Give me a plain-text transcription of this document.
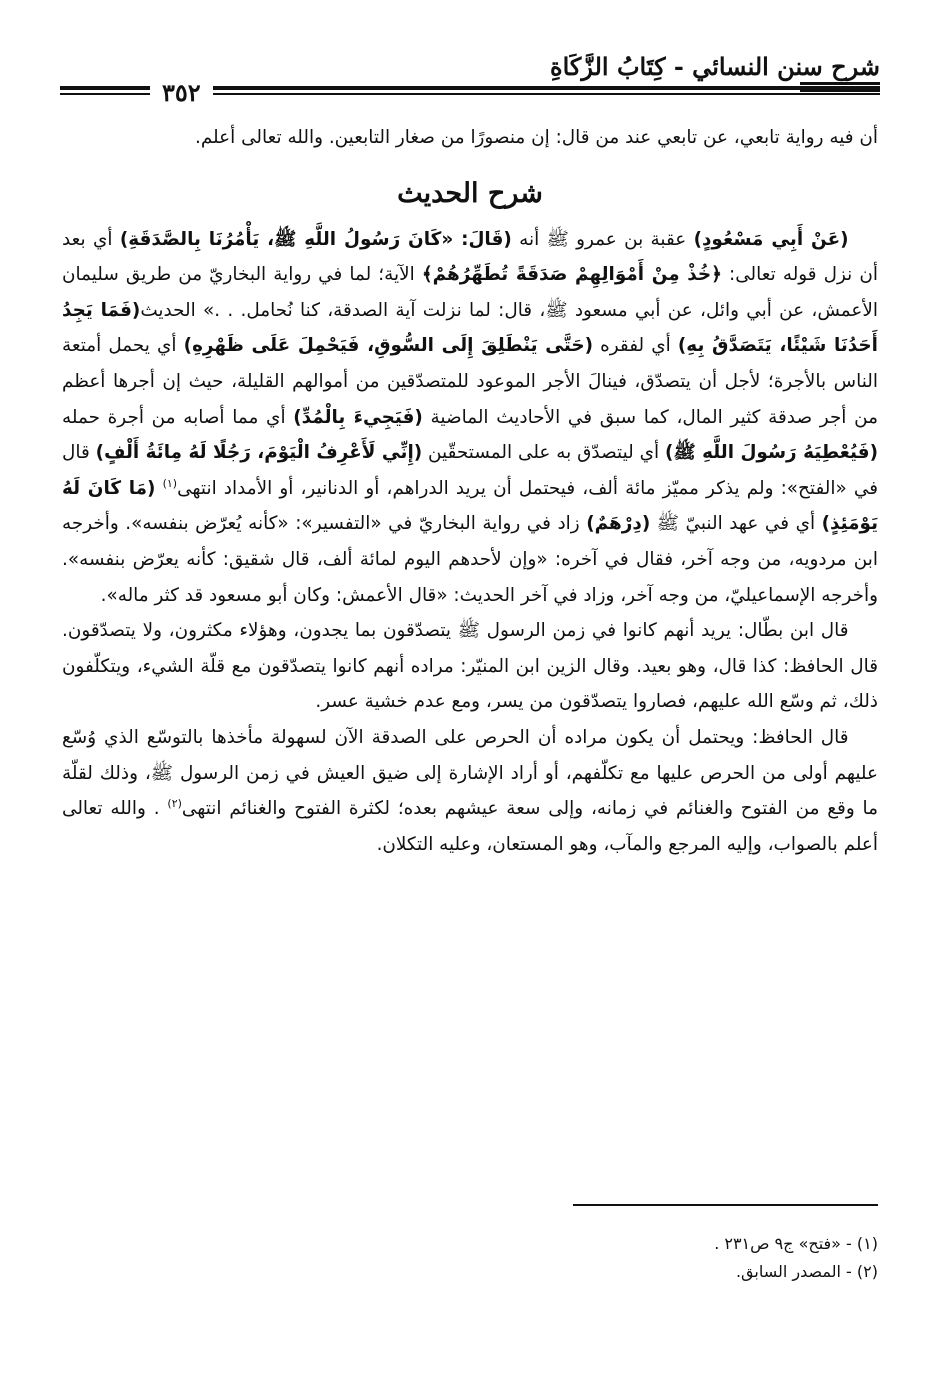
شرح سنن النسائي - كِتَابُ الزَّكَاةِ
٣٥٢

أن فيه رواية تابعي، عن تابعي عند من قال: إن منصورًا من صغار التابعين. والله تعالى أعلم.

شرح الحديث

(عَنْ أَبِي مَسْعُودٍ) عقبة بن عمرو ﷺ أنه (قَالَ: «كَانَ رَسُولُ اللَّهِ ﷺ، يَأْمُرُنَا بِالصَّدَقَةِ) أي بعد أن نزل قوله تعالى: ﴿خُذْ مِنْ أَمْوَالِهِمْ صَدَقَةً تُطَهِّرُهُمْ﴾ الآية؛ لما في رواية البخاريّ من طريق سليمان الأعمش، عن أبي وائل، عن أبي مسعود ﷺ، قال: لما نزلت آية الصدقة، كنا نُحامل. . .» الحديث(فَمَا يَجِدُ أَحَدُنَا شَيْئًا، يَتَصَدَّقُ بِهِ) أي لفقره (حَتَّى يَنْطَلِقَ إِلَى السُّوقِ، فَيَحْمِلَ عَلَى ظَهْرِهِ) أي يحمل أمتعة الناس بالأجرة؛ لأجل أن يتصدّق، فينالَ الأجر الموعود للمتصدّقين من أموالهم القليلة، حيث إن أجرها أعظم من أجر صدقة كثير المال، كما سبق في الأحاديث الماضية (فَيَجِيءَ بِالْمُدِّ) أي مما أصابه من أجرة حمله (فَيُعْطِيَهُ رَسُولَ اللَّهِ ﷺ) أي ليتصدّق به على المستحقّين (إِنِّي لَأَعْرِفُ الْيَوْمَ، رَجُلًا لَهُ مِائَةُ أَلْفٍ) قال في «الفتح»: ولم يذكر مميّز مائة ألف، فيحتمل أن يريد الدراهم، أو الدنانير، أو الأمداد انتهى$^{(١)}$ (مَا كَانَ لَهُ يَوْمَئِذٍ) أي في عهد النبيّ ﷺ (دِرْهَمٌ) زاد في رواية البخاريّ في «التفسير»: «كأنه يُعرّض بنفسه». وأخرجه ابن مردويه، من وجه آخر، فقال في آخره: «وإن لأحدهم اليوم لمائة ألف، قال شقيق: كأنه يعرّض بنفسه». وأخرجه الإسماعيليّ، من وجه آخر، وزاد في آخر الحديث: «قال الأعمش: وكان أبو مسعود قد كثر ماله».

قال ابن بطّال: يريد أنهم كانوا في زمن الرسول ﷺ يتصدّقون بما يجدون، وهؤلاء مكثرون، ولا يتصدّقون. قال الحافظ: كذا قال، وهو بعيد. وقال الزين ابن المنيّر: مراده أنهم كانوا يتصدّقون مع قلّة الشيء، ويتكلّفون ذلك، ثم وسّع الله عليهم، فصاروا يتصدّقون من يسر، ومع عدم خشية عسر.

قال الحافظ: ويحتمل أن يكون مراده أن الحرص على الصدقة الآن لسهولة مأخذها بالتوسّع الذي وُسّع عليهم أولى من الحرص عليها مع تكلّفهم، أو أراد الإشارة إلى ضيق العيش في زمن الرسول ﷺ، وذلك لقلّة ما وقع من الفتوح والغنائم في زمانه، وإلى سعة عيشهم بعده؛ لكثرة الفتوح والغنائم انتهى$^{(٢)}$ . والله تعالى أعلم بالصواب، وإليه المرجع والمآب، وهو المستعان، وعليه التكلان.

(١) - «فتح» ج٩ ص٢٣١ .
(٢) - المصدر السابق.
